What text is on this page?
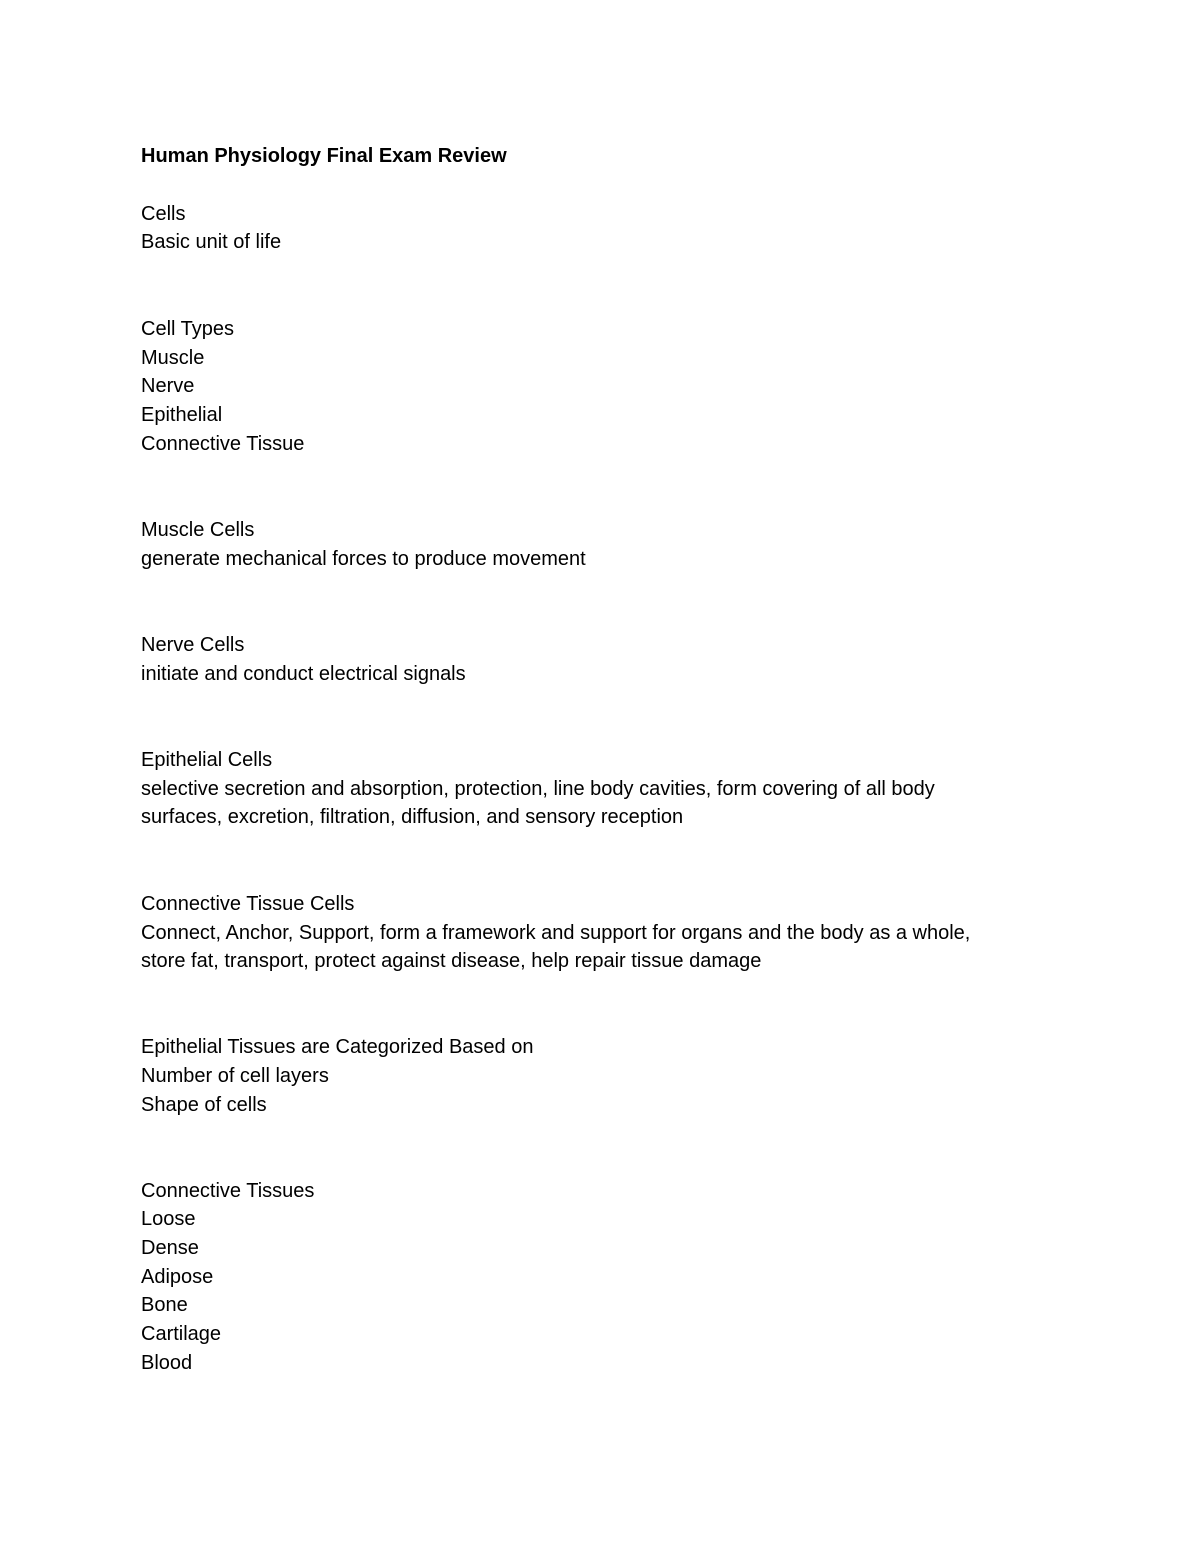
Human Physiology Final Exam Review
Cells
Basic unit of life
Cell Types
Muscle
Nerve
Epithelial
Connective Tissue
Muscle Cells
generate mechanical forces to produce movement
Nerve Cells
initiate and conduct electrical signals
Epithelial Cells
selective secretion and absorption, protection, line body cavities, form covering of all body
surfaces, excretion, filtration, diffusion, and sensory reception
Connective Tissue Cells
Connect, Anchor, Support, form a framework and support for organs and the body as a whole,
store fat, transport, protect against disease, help repair tissue damage
Epithelial Tissues are Categorized Based on
Number of cell layers
Shape of cells
Connective Tissues
Loose
Dense
Adipose
Bone
Cartilage
Blood
